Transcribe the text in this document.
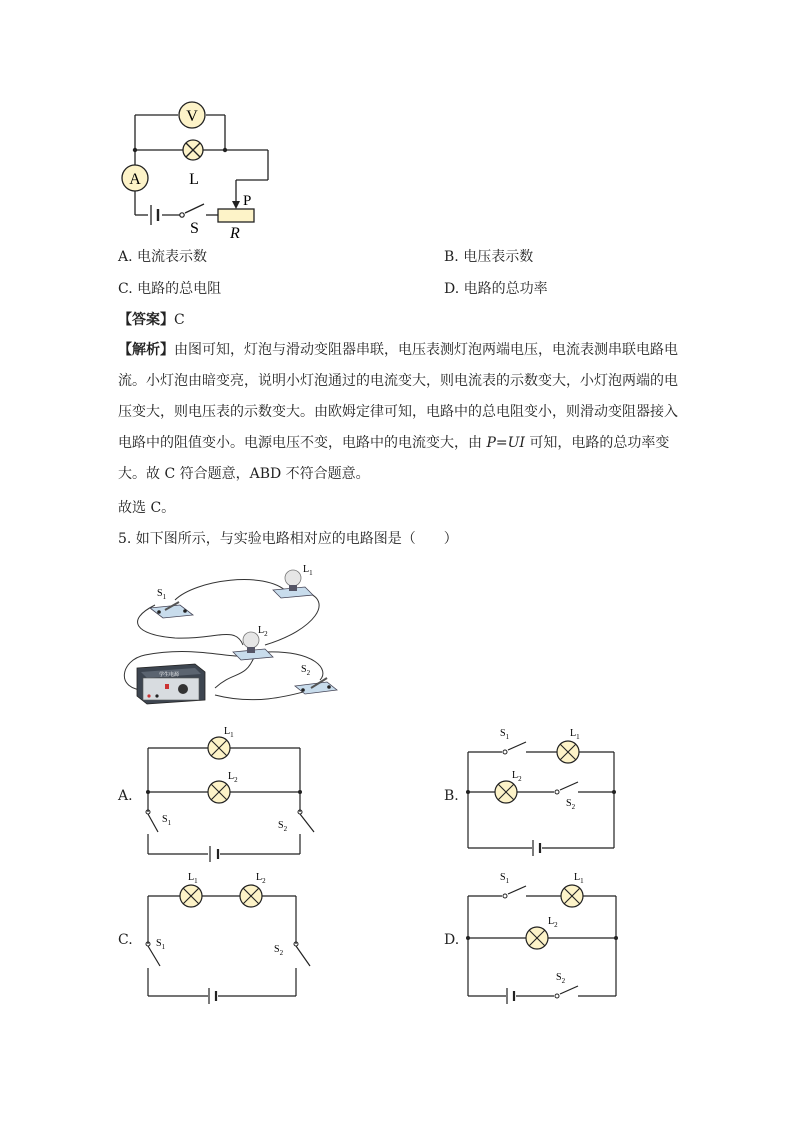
V
L
A
P
R
S
A. 电流表示数	B. 电压表示数
C. 电路的总电阻	D. 电路的总功率
【答案】C
【解析】由图可知，灯泡与滑动变阻器串联，电压表测灯泡两端电压，电流表测串联电路电流。小灯泡由暗变亮，说明小灯泡通过的电流变大，则电流表的示数变大，小灯泡两端的电压变大，则电压表的示数变大。由欧姆定律可知，电路中的总电阻变小，则滑动变阻器接入电路中的阻值变小。电源电压不变，电路中的电流变大，由 P=UI 可知，电路的总功率变大。故 C 符合题意，ABD 不符合题意。
故选 C。
5. 如下图所示，与实验电路相对应的电路图是（　　）
学生电源
$S_1$
$L_1$
$L_2$
$S_2$
A.
$L_1$
$L_2$
$S_1$	$S_2$
B.
$S_1$	$L_1$
$L_2$
$S_2$
C.
$L_1$	$L_2$
$S_1$	$S_2$
D.
$S_1$	$L_1$
$L_2$
$S_2$
